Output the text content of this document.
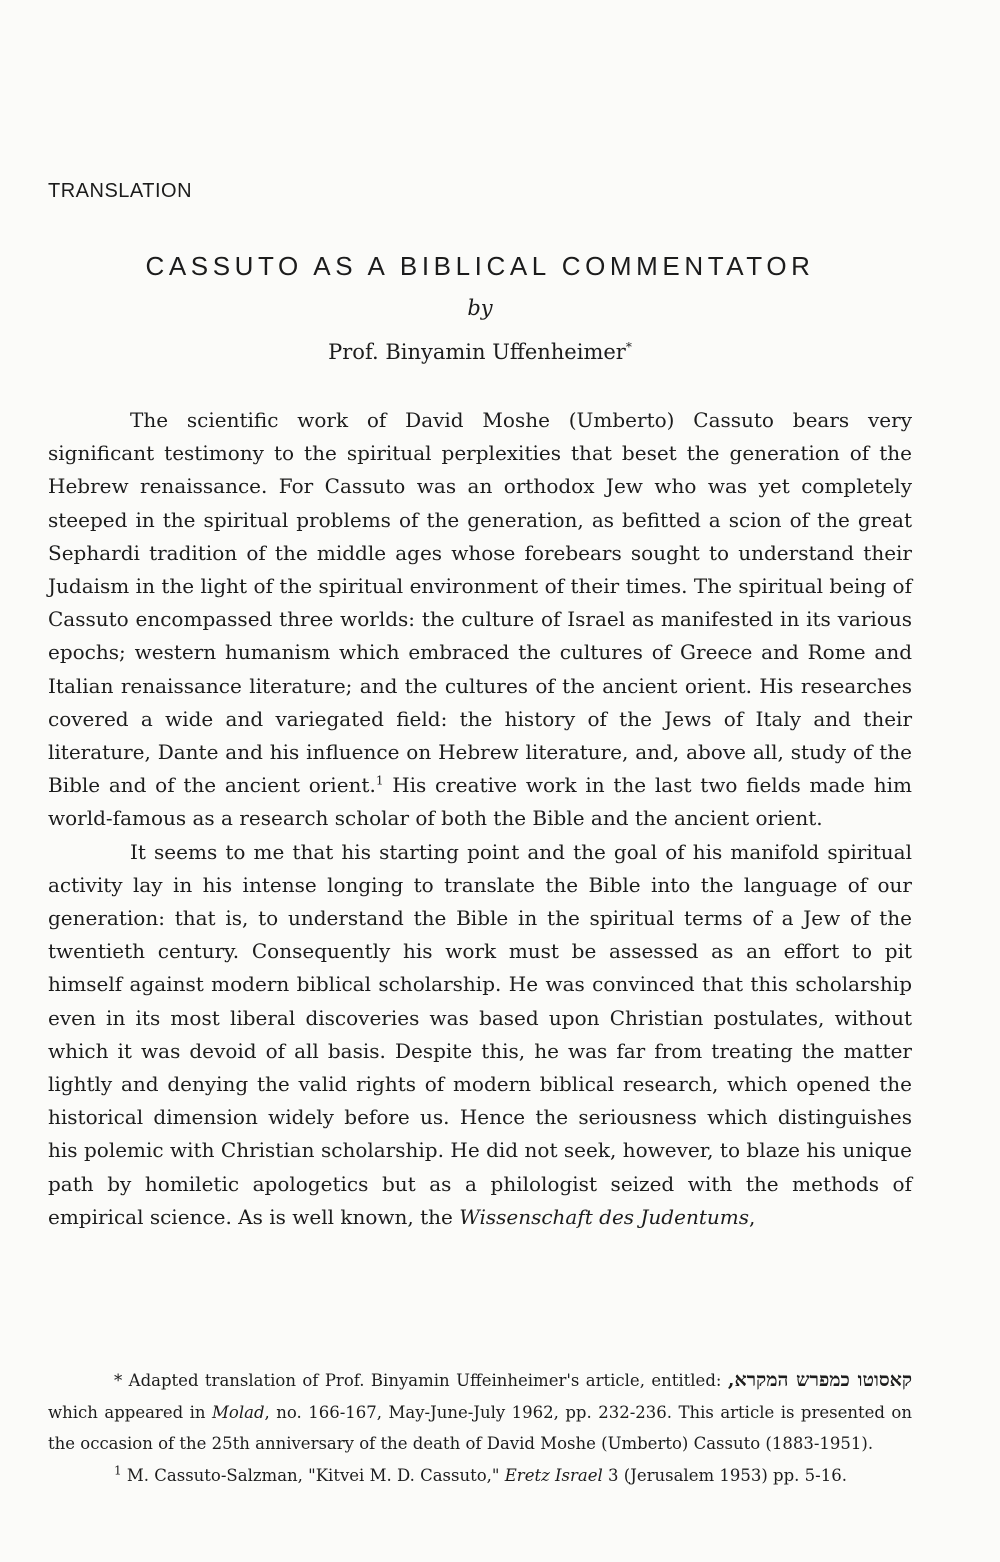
TRANSLATION
CASSUTO AS A BIBLICAL COMMENTATOR
by
Prof. Binyamin Uffenheimer*

The scientific work of David Moshe (Umberto) Cassuto bears very significant testimony to the spiritual perplexities that beset the generation of the Hebrew renaissance. For Cassuto was an orthodox Jew who was yet completely steeped in the spiritual problems of the generation, as befitted a scion of the great Sephardi tradition of the middle ages whose forebears sought to understand their Judaism in the light of the spiritual environment of their times. The spiritual being of Cassuto encompassed three worlds: the culture of Israel as manifested in its various epochs; western humanism which embraced the cultures of Greece and Rome and Italian renaissance literature; and the cultures of the ancient orient. His researches covered a wide and variegated field: the history of the Jews of Italy and their literature, Dante and his influence on Hebrew literature, and, above all, study of the Bible and of the ancient orient.$^1$ His creative work in the last two fields made him world-famous as a research scholar of both the Bible and the ancient orient.

It seems to me that his starting point and the goal of his manifold spiritual activity lay in his intense longing to translate the Bible into the language of our generation: that is, to understand the Bible in the spiritual terms of a Jew of the twentieth century. Consequently his work must be assessed as an effort to pit himself against modern biblical scholarship. He was convinced that this scholarship even in its most liberal discoveries was based upon Christian postulates, without which it was devoid of all basis. Despite this, he was far from treating the matter lightly and denying the valid rights of modern biblical research, which opened the historical dimension widely before us. Hence the seriousness which distinguishes his polemic with Christian scholarship. He did not seek, however, to blaze his unique path by homiletic apologetics but as a philologist seized with the methods of empirical science. As is well known, the Wissenschaft des Judentums,

* Adapted translation of Prof. Binyamin Uffeinheimer's article, entitled: קאסוטו כמפרש המקרא, which appeared in Molad, no. 166-167, May-June-July 1962, pp. 232-236. This article is presented on the occasion of the 25th anniversary of the death of David Moshe (Umberto) Cassuto (1883-1951).

$^1$ M. Cassuto-Salzman, "Kitvei M. D. Cassuto," Eretz Israel 3 (Jerusalem 1953) pp. 5-16.
